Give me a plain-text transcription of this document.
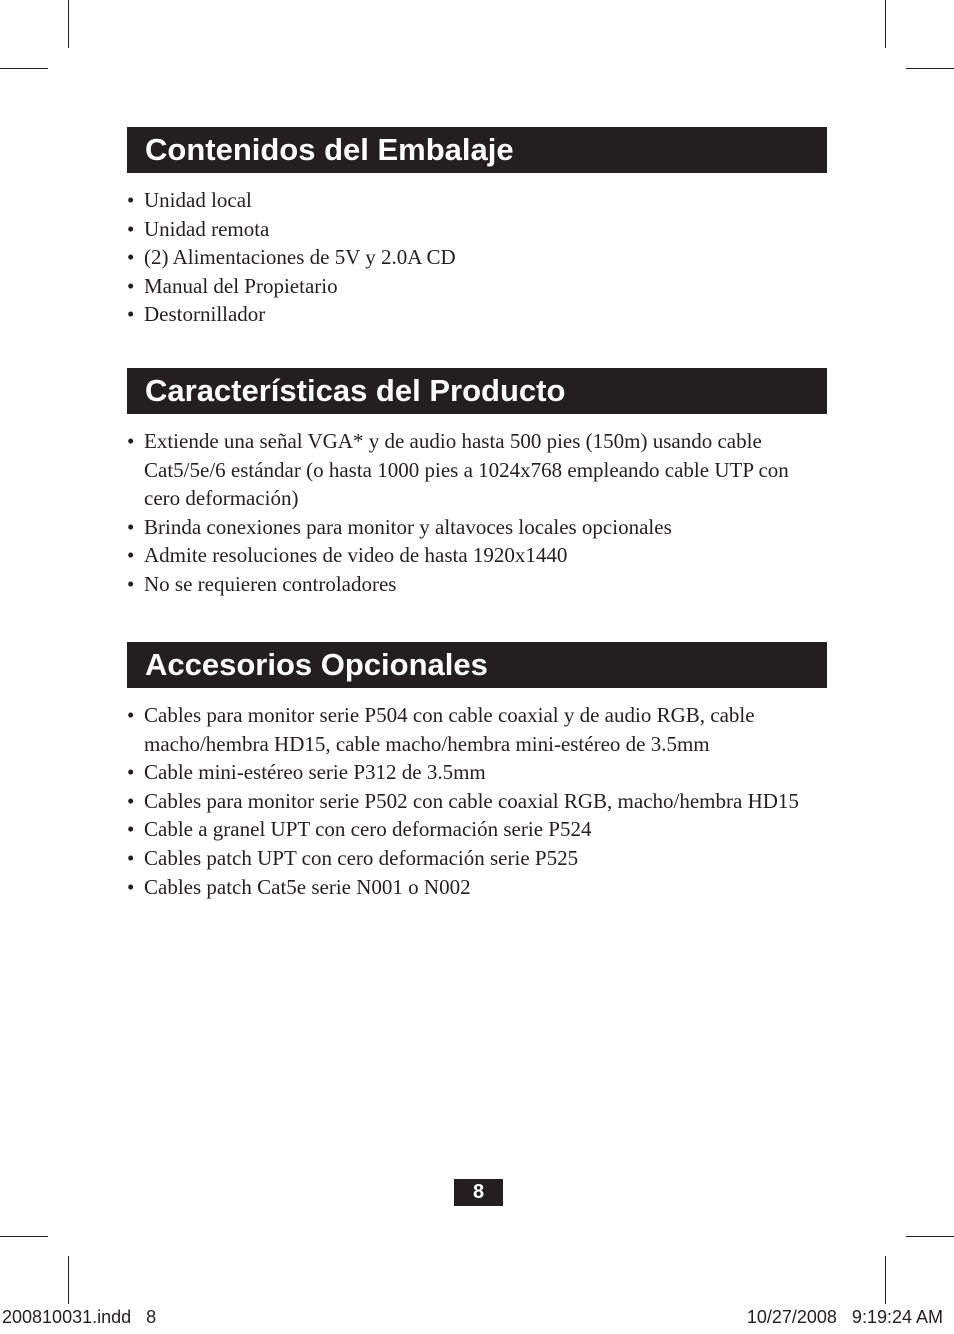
Contenidos del Embalaje
• Unidad local
• Unidad remota
• (2) Alimentaciones de 5V y 2.0A CD
• Manual del Propietario
• Destornillador
Características del Producto
• Extiende una señal VGA* y de audio hasta 500 pies (150m) usando cable Cat5/5e/6 estándar (o hasta 1000 pies a 1024x768 empleando cable UTP con cero deformación)
• Brinda conexiones para monitor y altavoces locales opcionales
• Admite resoluciones de video de hasta 1920x1440
• No se requieren controladores
Accesorios Opcionales
• Cables para monitor serie P504 con cable coaxial y de audio RGB, cable macho/hembra HD15, cable macho/hembra mini-estéreo de 3.5mm
• Cable mini-estéreo serie P312 de 3.5mm
• Cables para monitor serie P502 con cable coaxial RGB, macho/hembra HD15
• Cable a granel UPT con cero deformación serie P524
• Cables patch UPT con cero deformación serie P525
• Cables patch Cat5e serie N001 o N002
8
200810031.indd   8	10/27/2008   9:19:24 AM
